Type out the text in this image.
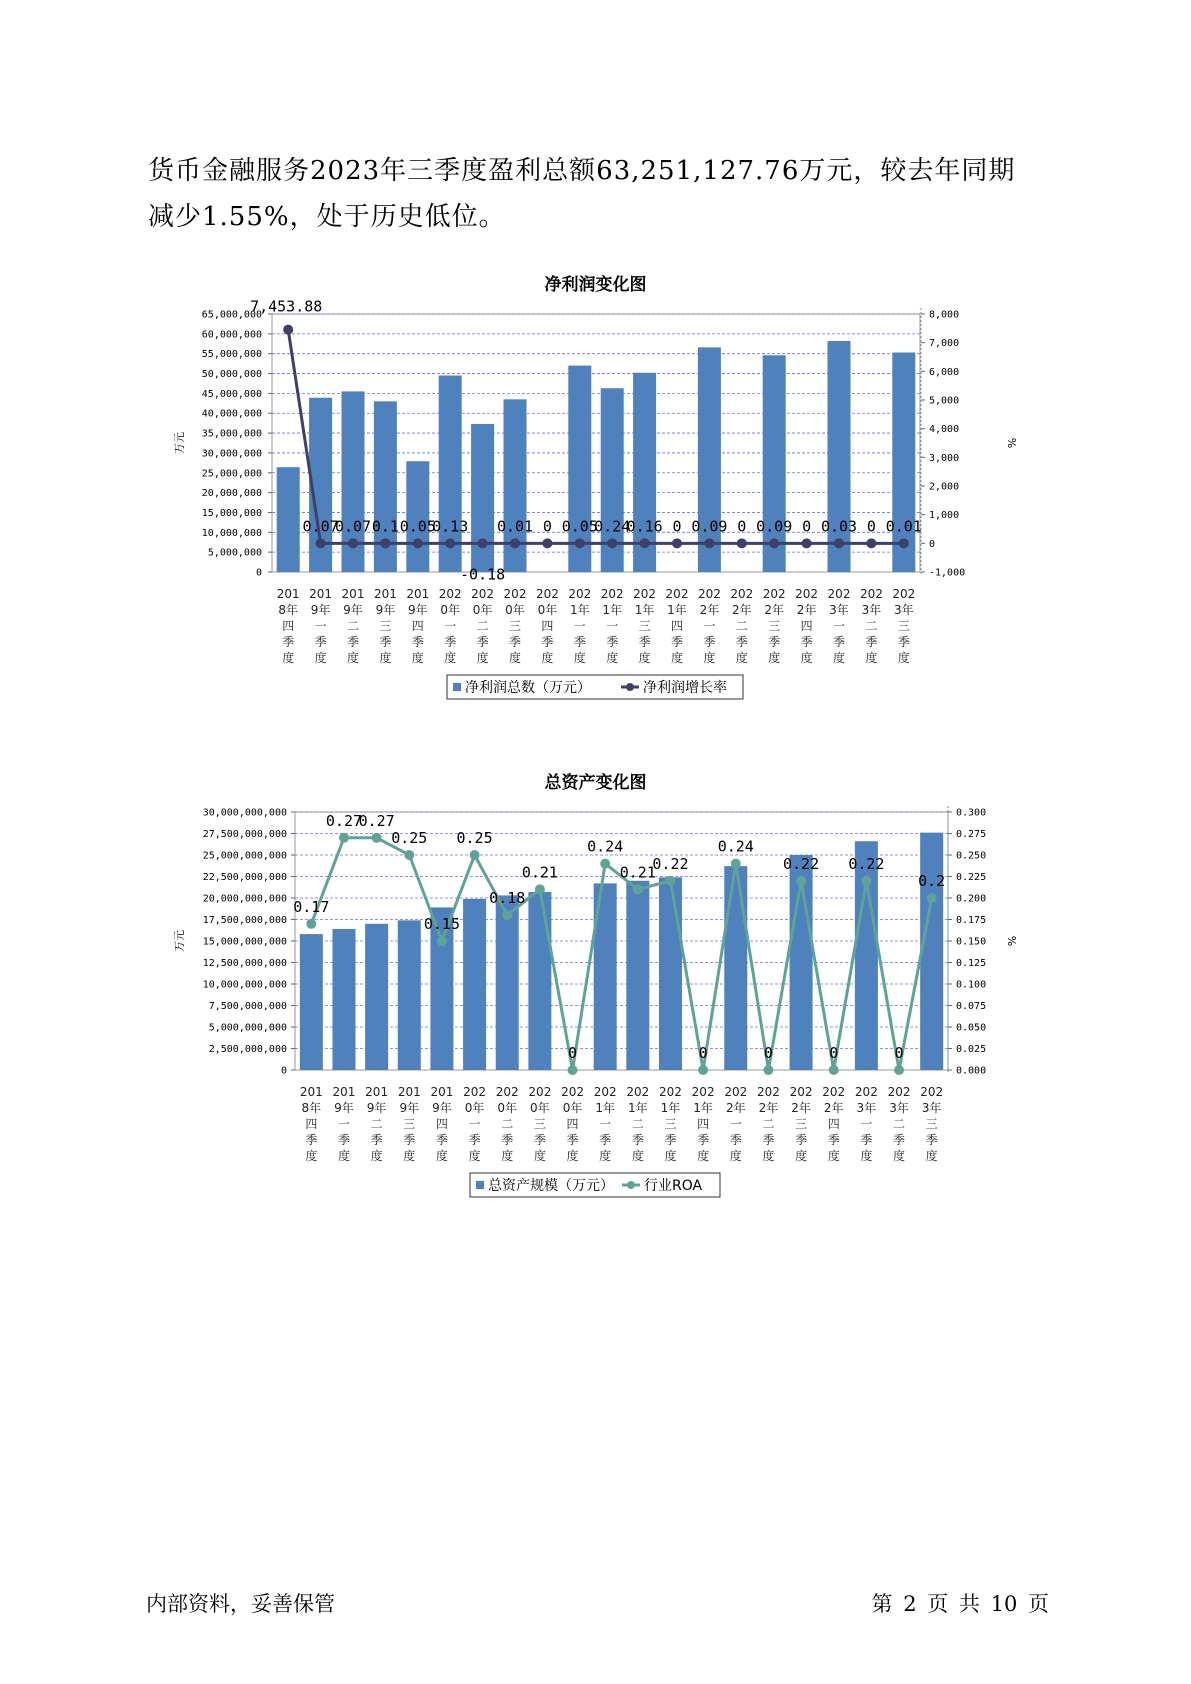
货币金融服务2023年三季度盈利总额63,251,127.76万元，较去年同期

减少1.55%，处于历史低位。

净利润变化图
0
5,000,000
10,000,000
15,000,000
20,000,000
25,000,000
30,000,000
35,000,000
40,000,000
45,000,000
50,000,000
55,000,000
60,000,000
65,000,000
-1,000
0
1,000
2,000
3,000
4,000
5,000
6,000
7,000
8,000
万元	%
7,453.88
0.07
0.07 0.1 0.05
0.13
-0.18
0.01 0 0.05
0.24
0.16 0 0.09 0 0.09 0 0.03 0 0.01
201 8年四季度
201 9年一季度
201 9年二季度
201 9年三季度
201 9年四季度
202 0年一季度
202 0年二季度
202 0年三季度
202 0年四季度
202 1年一季度
202 1年一季度
202 1年三季度
202 1年四季度
202 2年一季度
202 2年二季度
202 2年三季度
202 2年四季度
202 3年一季度
202 3年二季度
202 3年三季度
净利润总数（万元）	净利润增长率
总资产变化图
0
2,500,000,000
5,000,000,000
7,500,000,000
10,000,000,000
12,500,000,000
15,000,000,000
17,500,000,000
20,000,000,000
22,500,000,000
25,000,000,000
27,500,000,000
30,000,000,000
0.000
0.025
0.050
0.075
0.100
0.125
0.150
0.175
0.200
0.225
0.250
0.275
0.300
万元	%
0.17
0.27
0.27
0.25
0.15
0.25
0.18
0.21
0
0.24
0.21
0.22
0
0.24
0
0.22
0
0.22
0
0.2
201 8年四季度
201 9年一季度
201 9年二季度
201 9年三季度
201 9年四季度
202 0年一季度
202 0年二季度
202 0年三季度
202 0年四季度
202 1年一季度
202 1年二季度
202 1年三季度
202 1年四季度
202 2年一季度
202 2年二季度
202 2年三季度
202 2年四季度
202 3年一季度
202 3年二季度
202 3年三季度
总资产规模（万元） 行业ROA
内部资料，妥善保管	第 2 页 共 10 页
